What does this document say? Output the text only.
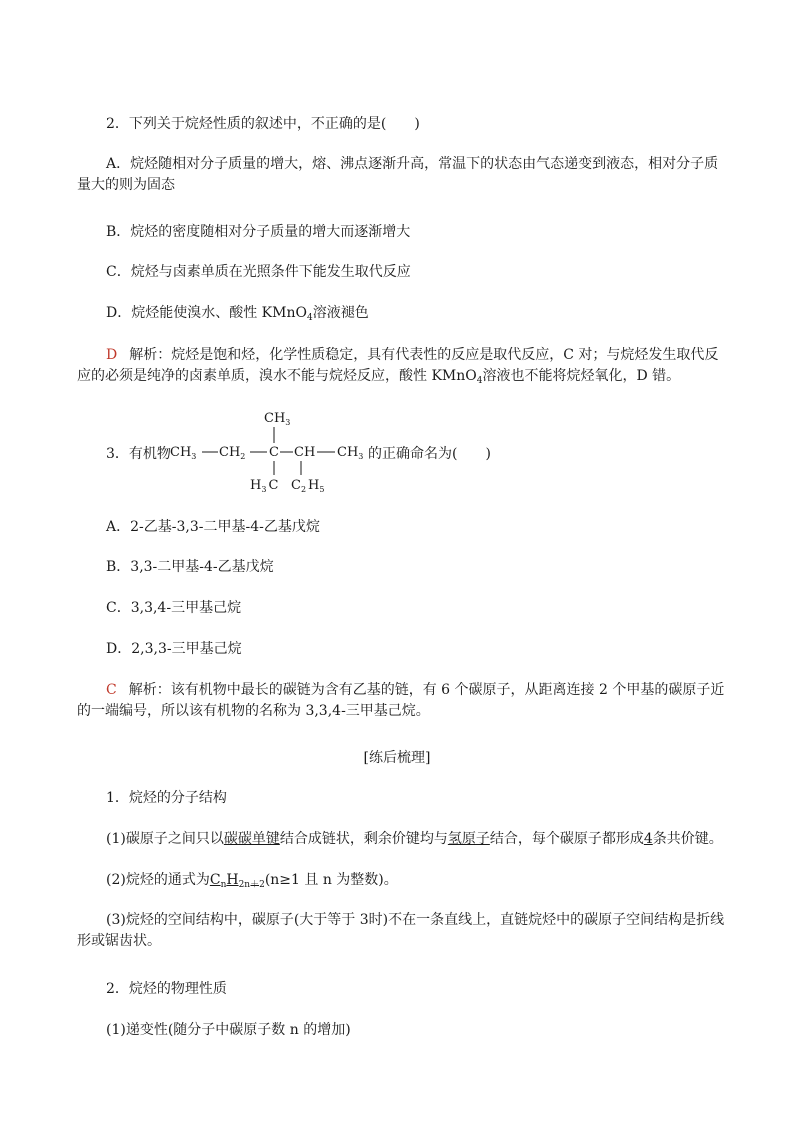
2．下列关于烷烃性质的叙述中，不正确的是(　　)
A．烷烃随相对分子质量的增大，熔、沸点逐渐升高，常温下的状态由气态递变到液态，相对分子质量大的则为固态
B．烷烃的密度随相对分子质量的增大而逐渐增大
C．烷烃与卤素单质在光照条件下能发生取代反应
D．烷烃能使溴水、酸性 KMnO$_4$溶液褪色
D 解析：烷烃是饱和烃，化学性质稳定，具有代表性的反应是取代反应，C 对；与烷烃发生取代反应的必须是纯净的卤素单质，溴水不能与烷烃反应，酸性 KMnO$_4$溶液也不能将烷烃氧化，D 错。
3．有机物
$CH_3$
$CH_3$ $CH_2$ C CH $CH_3$
$H_3$ C $C_2$ $H_5$
的正确命名为(　　)
A．2-乙基-3,3-二甲基-4-乙基戊烷
B．3,3-二甲基-4-乙基戊烷
C．3,3,4-三甲基己烷
D．2,3,3-三甲基己烷
C 解析：该有机物中最长的碳链为含有乙基的链，有 6 个碳原子，从距离连接 2 个甲基的碳原子近的一端编号，所以该有机物的名称为 3,3,4-三甲基己烷。
[练后梳理]
1．烷烃的分子结构
(1)碳原子之间只以碳碳单键结合成链状，剩余价键均与氢原子结合，每个碳原子都形成4条共价键。
(2)烷烃的通式为$C_nH_{2n+2}(n\ge 1$ 且 n 为整数)。
(3)烷烃的空间结构中，碳原子(大于等于 3时)不在一条直线上，直链烷烃中的碳原子空间结构是折线形或锯齿状。
2．烷烃的物理性质
(1)递变性(随分子中碳原子数 n 的增加)
